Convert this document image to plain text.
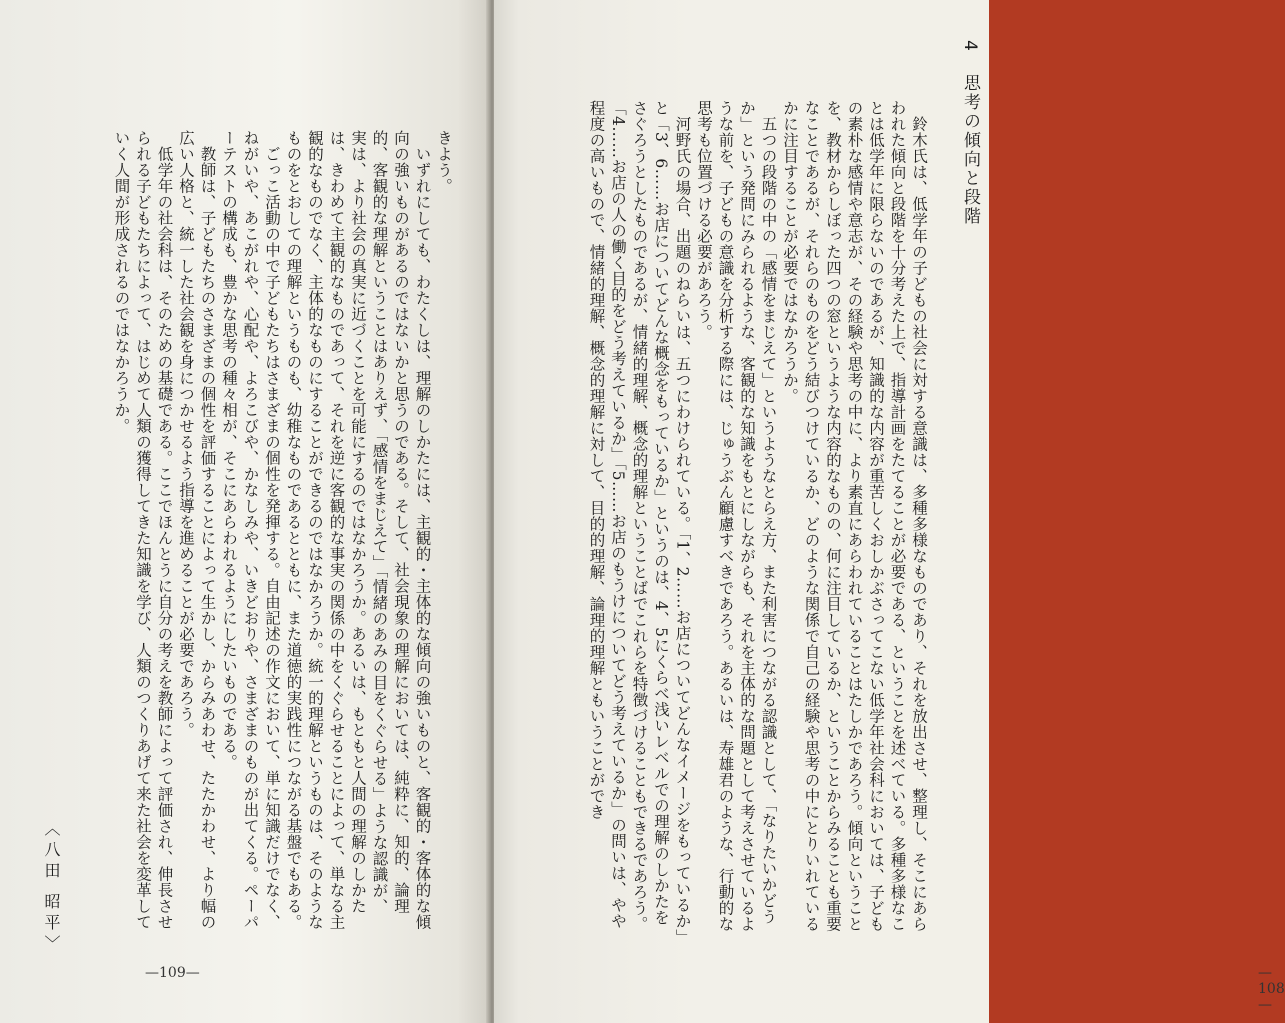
きよう。

いずれにしても、わたくしは、理解のしかたには、主観的・主体的な傾向の強いものと、客観的・客体的な傾向の強いものがあるのではないかと思うのである。そして、社会現象の理解においては、純粋に、知的、論理的、客観的な理解ということはありえず、「感情をまじえて」「情緒のあみの目をくぐらせる」ような認識が、実は、より社会の真実に近づくことを可能にするのではなかろうか。あるいは、もともと人間の理解のしかたは、きわめて主観的なものであって、それを逆に客観的な事実の関係の中をくぐらせることによって、単なる主観的なものでなく、主体的なものにすることができるのではなかろうか。統一的理解というものは、そのようなものをとおしての理解というものも、幼稚なものであるとともに、また道徳的実践性につながる基盤でもある。

ごっこ活動の中で子どもたちはさまざまの個性を発揮する。自由記述の作文において、単に知識だけでなく、ねがいや、あこがれや、心配や、よろこびや、かなしみや、いきどおりや、さまざまのものが出てくる。ペーパーテストの構成も、豊かな思考の種々相が、そこにあらわれるようにしたいものである。

教師は、子どもたちのさまざまの個性を評価することによって生かし、からみあわせ、たたかわせ、より幅の広い人格と、統一した社会観を身につかせるよう指導を進めることが必要であろう。

低学年の社会科は、そのための基礎である。ここでほんとうに自分の考えを教師によって評価され、伸長させられる子どもたちによって、はじめて人類の獲得してきた知識を学び、人類のつくりあげて来た社会を変革していく人間が形成されるのではなかろうか。

—109—
4 思考の傾向と段階

鈴木氏は、低学年の子どもの社会に対する意識は、多種多様なものであり、それを放出させ、整理し、そこにあらわれた傾向と段階を十分考えた上で、指導計画をたてることが必要である、ということを述べている。多種多様なことは低学年に限らないのであるが、知識的な内容が重苦しくおしかぶさってこない低学年社会科においては、子どもの素朴な感情や意志が、その経験や思考の中に、より素直にあらわれていることはたしかであろう。傾向ということを、教材からしぼった四つの窓というような内容的なものの、何に注目しているか、ということからみることも重要なことであるが、それらのものをどう結びつけているか、どのような関係で自己の経験や思考の中にとりいれているかに注目することが必要ではなかろうか。

五つの段階の中の「感情をまじえて」というようなとらえ方、また利害につながる認識として、「なりたいかどうか」という発問にみられるような、客観的な知識をもとにしながらも、それを主体的な問題として考えさせているような前を、子どもの意識を分析する際には、じゅうぶん顧慮すべきであろう。あるいは、寿雄君のような、行動的な思考も位置づける必要があろう。

河野氏の場合、出題のねらいは、五つにわけられている。「1、2……お店についてどんなイメージをもっているか」と「3、6……お店についてどんな概念をもっているか」というのは、4、5にくらべ浅いレベルでの理解のしかたをさぐろうとしたものであるが、情緒的理解、概念的理解ということばでこれらを特徴づけることもできるであろう。「4……お店の人の働く目的をどう考えているか」「5……お店のもうけについてどう考えているか」の問いは、やや程度の高いもので、情緒的理解、概念的理解に対して、目的的理解、論理的理解ともいうことができ

— 108 —
〈八田 昭平〉
